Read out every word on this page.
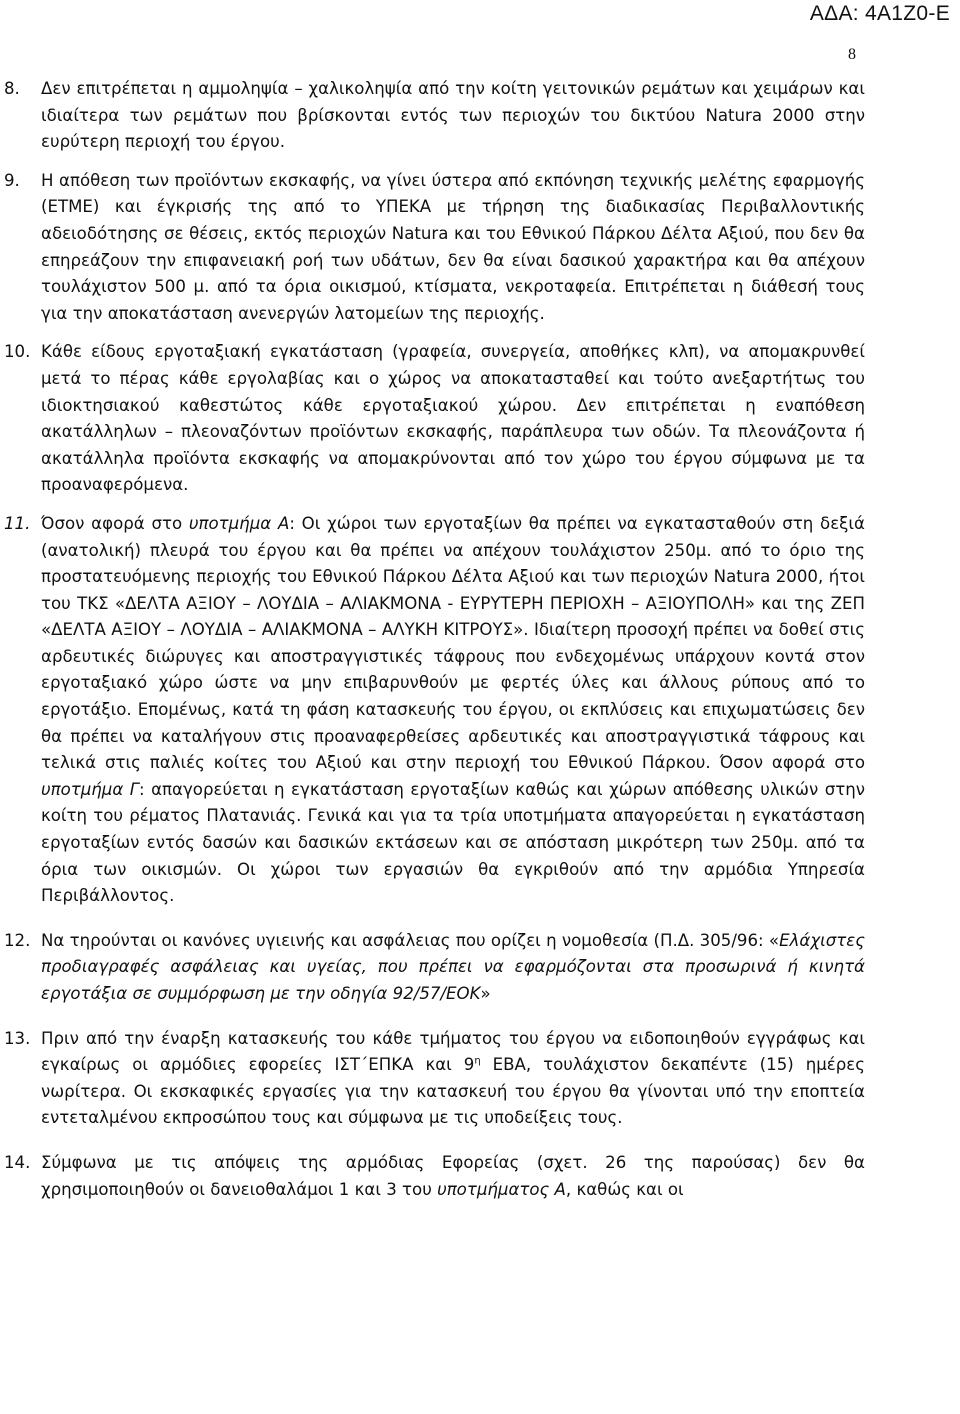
ΑΔΑ: 4Α1Ζ0-Ε
8
8. Δεν επιτρέπεται η αμμοληψία – χαλικοληψία από την κοίτη γειτονικών ρεμάτων και χειμάρων και ιδιαίτερα των ρεμάτων που βρίσκονται εντός των περιοχών του δικτύου Natura 2000 στην ευρύτερη περιοχή του έργου.
9. Η απόθεση των προϊόντων εκσκαφής, να γίνει ύστερα από εκπόνηση τεχνικής μελέτης εφαρμογής (ΕΤΜΕ) και έγκρισής της από το ΥΠΕΚΑ με τήρηση της διαδικασίας Περιβαλλοντικής αδειοδότησης σε θέσεις, εκτός περιοχών Natura και του Εθνικού Πάρκου Δέλτα Αξιού, που δεν θα επηρεάζουν την επιφανειακή ροή των υδάτων, δεν θα είναι δασικού χαρακτήρα και θα απέχουν τουλάχιστον 500 μ. από τα όρια οικισμού, κτίσματα, νεκροταφεία. Επιτρέπεται η διάθεσή τους για την αποκατάσταση ανενεργών λατομείων της περιοχής.
10. Κάθε είδους εργοταξιακή εγκατάσταση (γραφεία, συνεργεία, αποθήκες κλπ), να απομακρυνθεί μετά το πέρας κάθε εργολαβίας και ο χώρος να αποκατασταθεί και τούτο ανεξαρτήτως του ιδιοκτησιακού καθεστώτος κάθε εργοταξιακού χώρου. Δεν επιτρέπεται η εναπόθεση ακατάλληλων – πλεοναζόντων προϊόντων εκσκαφής, παράπλευρα των οδών. Τα πλεονάζοντα ή ακατάλληλα προϊόντα εκσκαφής να απομακρύνονται από τον χώρο του έργου σύμφωνα με τα προαναφερόμενα.
11. Όσον αφορά στο υποτμήμα Α: Οι χώροι των εργοταξίων θα πρέπει να εγκατασταθούν στη δεξιά (ανατολική) πλευρά του έργου και θα πρέπει να απέχουν τουλάχιστον 250μ. από το όριο της προστατευόμενης περιοχής του Εθνικού Πάρκου Δέλτα Αξιού και των περιοχών Natura 2000, ήτοι του ΤΚΣ «ΔΕΛΤΑ ΑΞΙΟΥ – ΛΟΥΔΙΑ – ΑΛΙΑΚΜΟΝΑ - ΕΥΡΥΤΕΡΗ ΠΕΡΙΟΧΗ – ΑΞΙΟΥΠΟΛΗ» και της ΖΕΠ «ΔΕΛΤΑ ΑΞΙΟΥ – ΛΟΥΔΙΑ – ΑΛΙΑΚΜΟΝΑ – ΑΛΥΚΗ ΚΙΤΡΟΥΣ». Ιδιαίτερη προσοχή πρέπει να δοθεί στις αρδευτικές διώρυγες και αποστραγγιστικές τάφρους που ενδεχομένως υπάρχουν κοντά στον εργοταξιακό χώρο ώστε να μην επιβαρυνθούν με φερτές ύλες και άλλους ρύπους από το εργοτάξιο. Επομένως, κατά τη φάση κατασκευής του έργου, οι εκπλύσεις και επιχωματώσεις δεν θα πρέπει να καταλήγουν στις προαναφερθείσες αρδευτικές και αποστραγγιστικά τάφρους και τελικά στις παλιές κοίτες του Αξιού και στην περιοχή του Εθνικού Πάρκου. Όσον αφορά στο υποτμήμα Γ: απαγορεύεται η εγκατάσταση εργοταξίων καθώς και χώρων απόθεσης υλικών στην κοίτη του ρέματος Πλατανιάς. Γενικά και για τα τρία υποτμήματα απαγορεύεται η εγκατάσταση εργοταξίων εντός δασών και δασικών εκτάσεων και σε απόσταση μικρότερη των 250μ. από τα όρια των οικισμών. Οι χώροι των εργασιών θα εγκριθούν από την αρμόδια Υπηρεσία Περιβάλλοντος.
12. Να τηρούνται οι κανόνες υγιεινής και ασφάλειας που ορίζει η νομοθεσία (Π.Δ. 305/96: «Ελάχιστες προδιαγραφές ασφάλειας και υγείας, που πρέπει να εφαρμόζονται στα προσωρινά ή κινητά εργοτάξια σε συμμόρφωση με την οδηγία 92/57/ΕΟΚ»
13. Πριν από την έναρξη κατασκευής του κάθε τμήματος του έργου να ειδοποιηθούν εγγράφως και εγκαίρως οι αρμόδιες εφορείες ΙΣΤ΄ΕΠΚΑ και $9^\eta$ ΕΒΑ, τουλάχιστον δεκαπέντε (15) ημέρες νωρίτερα. Οι εκσκαφικές εργασίες για την κατασκευή του έργου θα γίνονται υπό την εποπτεία εντεταλμένου εκπροσώπου τους και σύμφωνα με τις υποδείξεις τους.
14. Σύμφωνα με τις απόψεις της αρμόδιας Εφορείας (σχετ. 26 της παρούσας) δεν θα χρησιμοποιηθούν οι δανειοθαλάμοι 1 και 3 του υποτμήματος Α, καθώς και οι
